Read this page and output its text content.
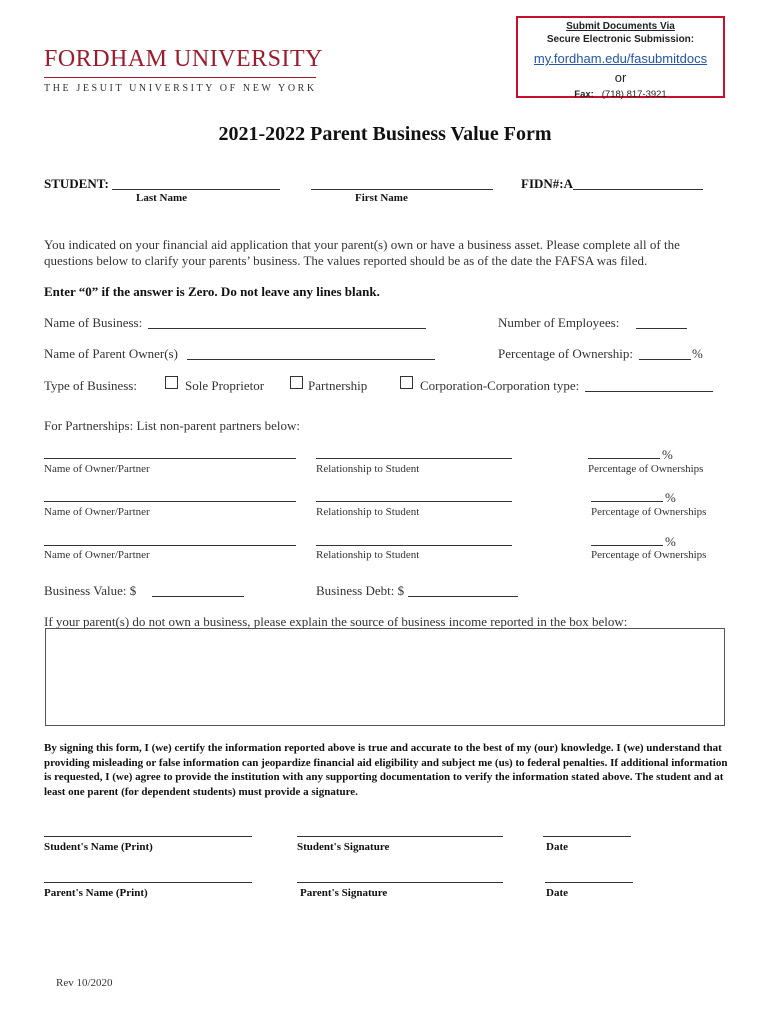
FORDHAM UNIVERSITY
THE JESUIT UNIVERSITY OF NEW YORK
Submit Documents Via
Secure Electronic Submission:
my.fordham.edu/fasubmitdocs
or
Fax: (718) 817-3921
2021-2022 Parent Business Value Form
STUDENT:	FIDN#:A
Last Name	First Name
You indicated on your financial aid application that your parent(s) own or have a business asset. Please complete all of the
questions below to clarify your parents’ business. The values reported should be as of the date the FAFSA was filed.
Enter “0” if the answer is Zero. Do not leave any lines blank.
Name of Business:	Number of Employees:
Name of Parent Owner(s)	Percentage of Ownership:	%
Type of Business:	Sole Proprietor	Partnership	Corporation-Corporation type:
For Partnerships: List non-parent partners below:
%
Name of Owner/Partner	Relationship to Student	Percentage of Ownerships
%
Name of Owner/Partner	Relationship to Student	Percentage of Ownerships
%
Name of Owner/Partner	Relationship to Student	Percentage of Ownerships
Business Value: $	Business Debt: $
If your parent(s) do not own a business, please explain the source of business income reported in the box below:
By signing this form, I (we) certify the information reported above is true and accurate to the best of my (our) knowledge. I (we) understand that providing misleading or false information can jeopardize financial aid eligibility and subject me (us) to federal penalties. If additional information is requested, I (we) agree to provide the institution with any supporting documentation to verify the information stated above. The student and at least one parent (for dependent students) must provide a signature.
Student's Name (Print)	Student's Signature	Date
Parent's Name (Print)	Parent's Signature	Date
Rev 10/2020
